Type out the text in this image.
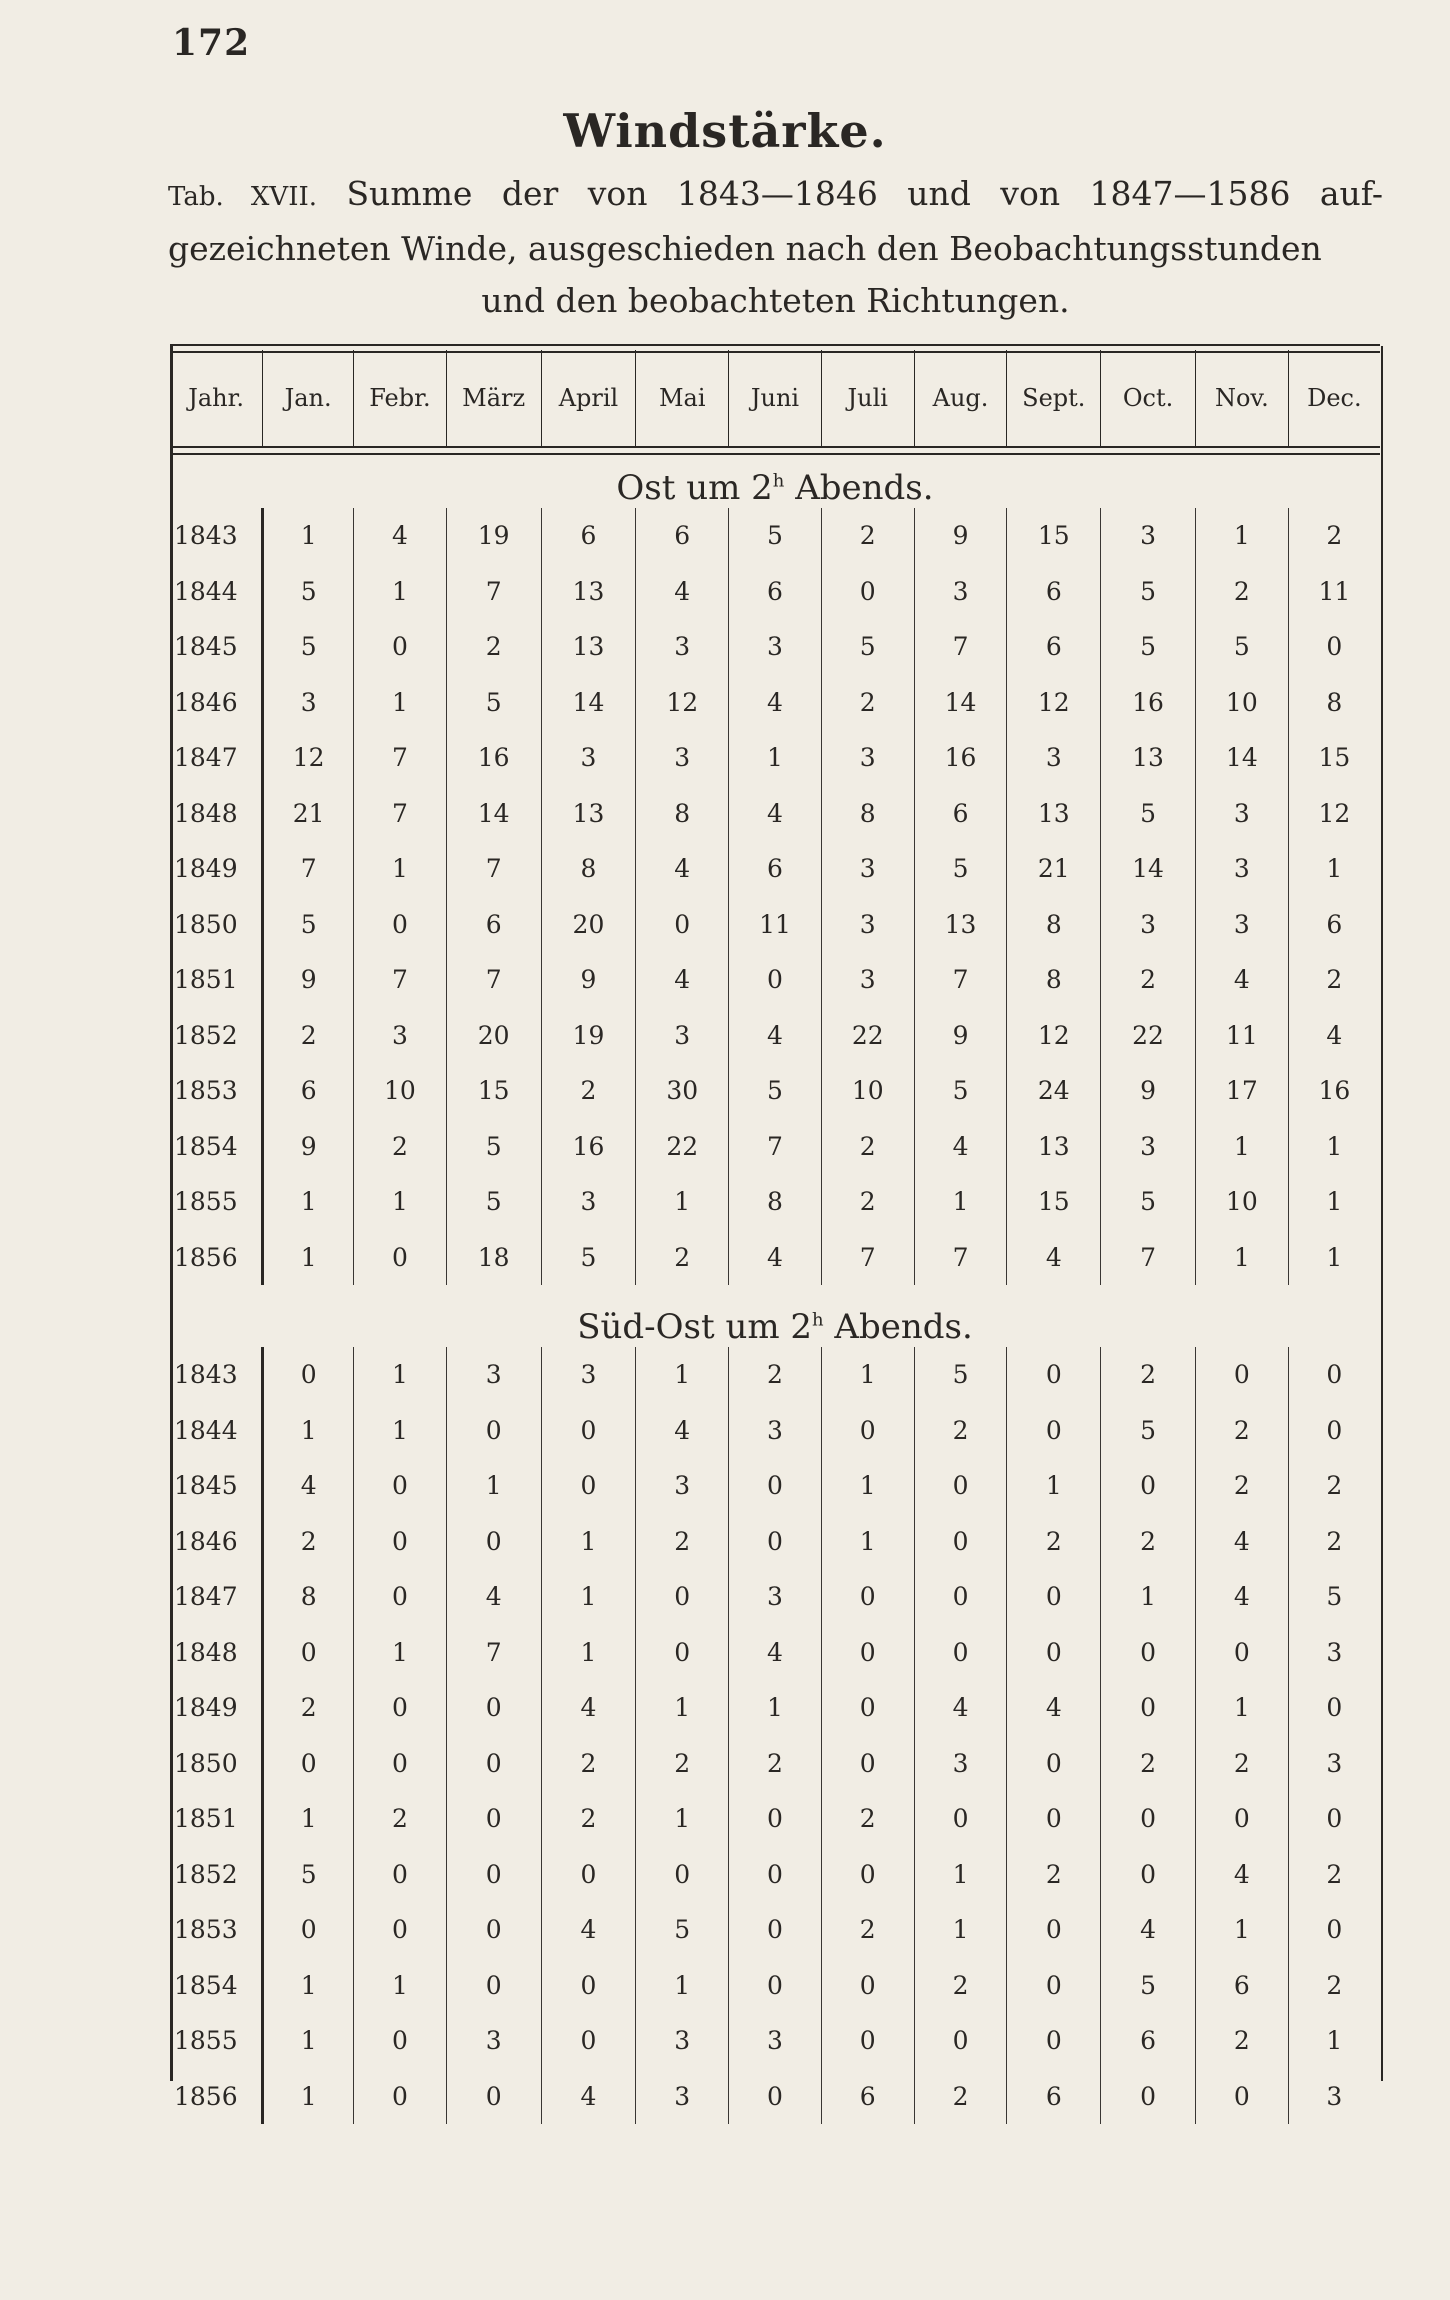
172
Windstärke.
Tab. XVII. Summe der von 1843—1846 und von 1847—1586 auf- gezeichneten Winde, ausgeschieden nach den Beobachtungsstunden
und den beobachteten Richtungen.
Jahr.	Jan.	Febr.	März	April	Mai	Juni	Juli	Aug.	Sept.	Oct.	Nov.	Dec.
Ost um 2$^h$ Abends.												
1843	1	4	19	6	6	5	2	9	15	3	1	2
1844	5	1	7	13	4	6	0	3	6	5	2	11
1845	5	0	2	13	3	3	5	7	6	5	5	0
1846	3	1	5	14	12	4	2	14	12	16	10	8
1847	12	7	16	3	3	1	3	16	3	13	14	15
1848	21	7	14	13	8	4	8	6	13	5	3	12
1849	7	1	7	8	4	6	3	5	21	14	3	1
1850	5	0	6	20	0	11	3	13	8	3	3	6
1851	9	7	7	9	4	0	3	7	8	2	4	2
1852	2	3	20	19	3	4	22	9	12	22	11	4
1853	6	10	15	2	30	5	10	5	24	9	17	16
1854	9	2	5	16	22	7	2	4	13	3	1	1
1855	1	1	5	3	1	8	2	1	15	5	10	1
1856	1	0	18	5	2	4	7	7	4	7	1	1
Süd-Ost um 2$^h$ Abends.												
1843	0	1	3	3	1	2	1	5	0	2	0	0
1844	1	1	0	0	4	3	0	2	0	5	2	0
1845	4	0	1	0	3	0	1	0	1	0	2	2
1846	2	0	0	1	2	0	1	0	2	2	4	2
1847	8	0	4	1	0	3	0	0	0	1	4	5
1848	0	1	7	1	0	4	0	0	0	0	0	3
1849	2	0	0	4	1	1	0	4	4	0	1	0
1850	0	0	0	2	2	2	0	3	0	2	2	3
1851	1	2	0	2	1	0	2	0	0	0	0	0
1852	5	0	0	0	0	0	0	1	2	0	4	2
1853	0	0	0	4	5	0	2	1	0	4	1	0
1854	1	1	0	0	1	0	0	2	0	5	6	2
1855	1	0	3	0	3	3	0	0	0	6	2	1
1856	1	0	0	4	3	0	6	2	6	0	0	3
